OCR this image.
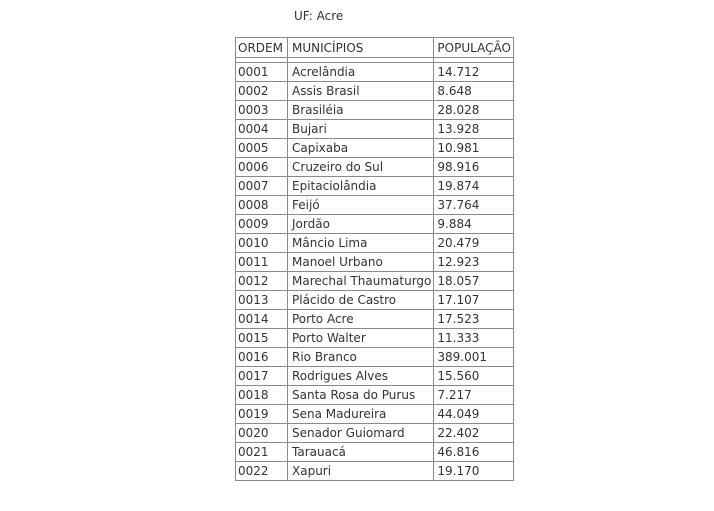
UF: Acre
ORDEM	MUNICÍPIOS	POPULAÇÃO

0001	Acrelândia	14.712
0002	Assis Brasil	8.648
0003	Brasiléia	28.028
0004	Bujari	13.928
0005	Capixaba	10.981
0006	Cruzeiro do Sul	98.916
0007	Epitaciolândia	19.874
0008	Feijó	37.764
0009	Jordão	9.884
0010	Mâncio Lima	20.479
0011	Manoel Urbano	12.923
0012	Marechal Thaumaturgo	18.057
0013	Plácido de Castro	17.107
0014	Porto Acre	17.523
0015	Porto Walter	11.333
0016	Rio Branco	389.001
0017	Rodrigues Alves	15.560
0018	Santa Rosa do Purus	7.217
0019	Sena Madureira	44.049
0020	Senador Guiomard	22.402
0021	Tarauacá	46.816
0022	Xapuri	19.170
